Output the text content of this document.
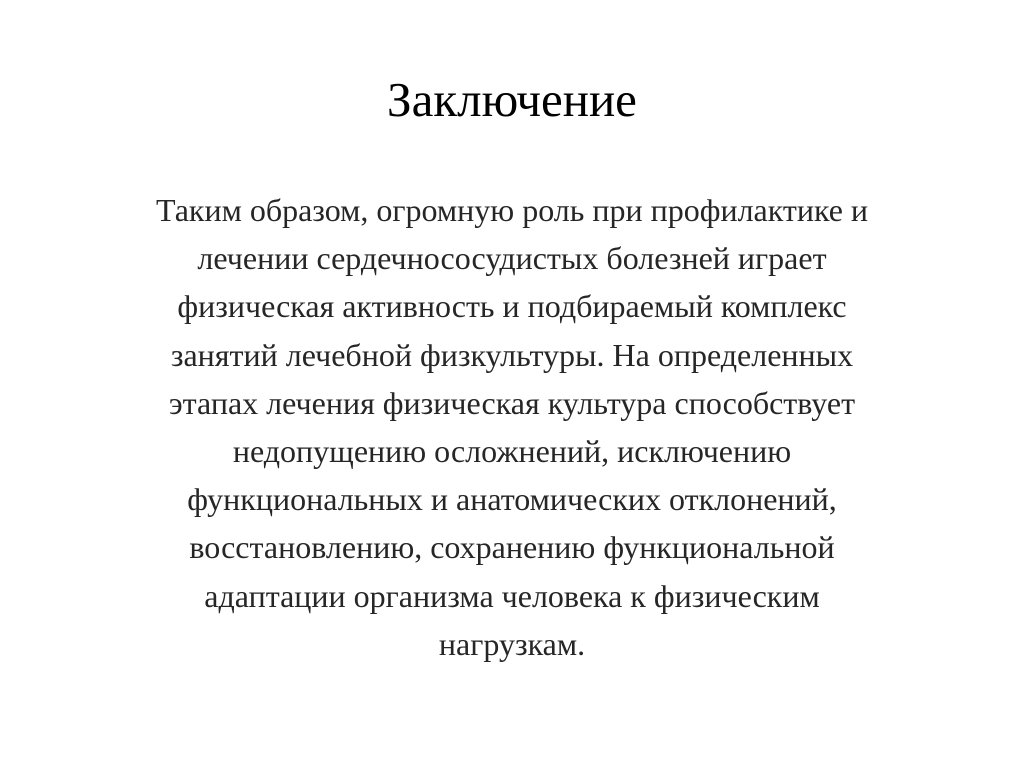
Заключение
Таким образом, огромную роль при профилактике и
лечении сердечнососудистых болезней играет
физическая активность и подбираемый комплекс
занятий лечебной физкультуры. На определенных
этапах лечения физическая культура способствует
недопущению осложнений, исключению
функциональных и анатомических отклонений,
восстановлению, сохранению функциональной
адаптации организма человека к физическим
нагрузкам.
